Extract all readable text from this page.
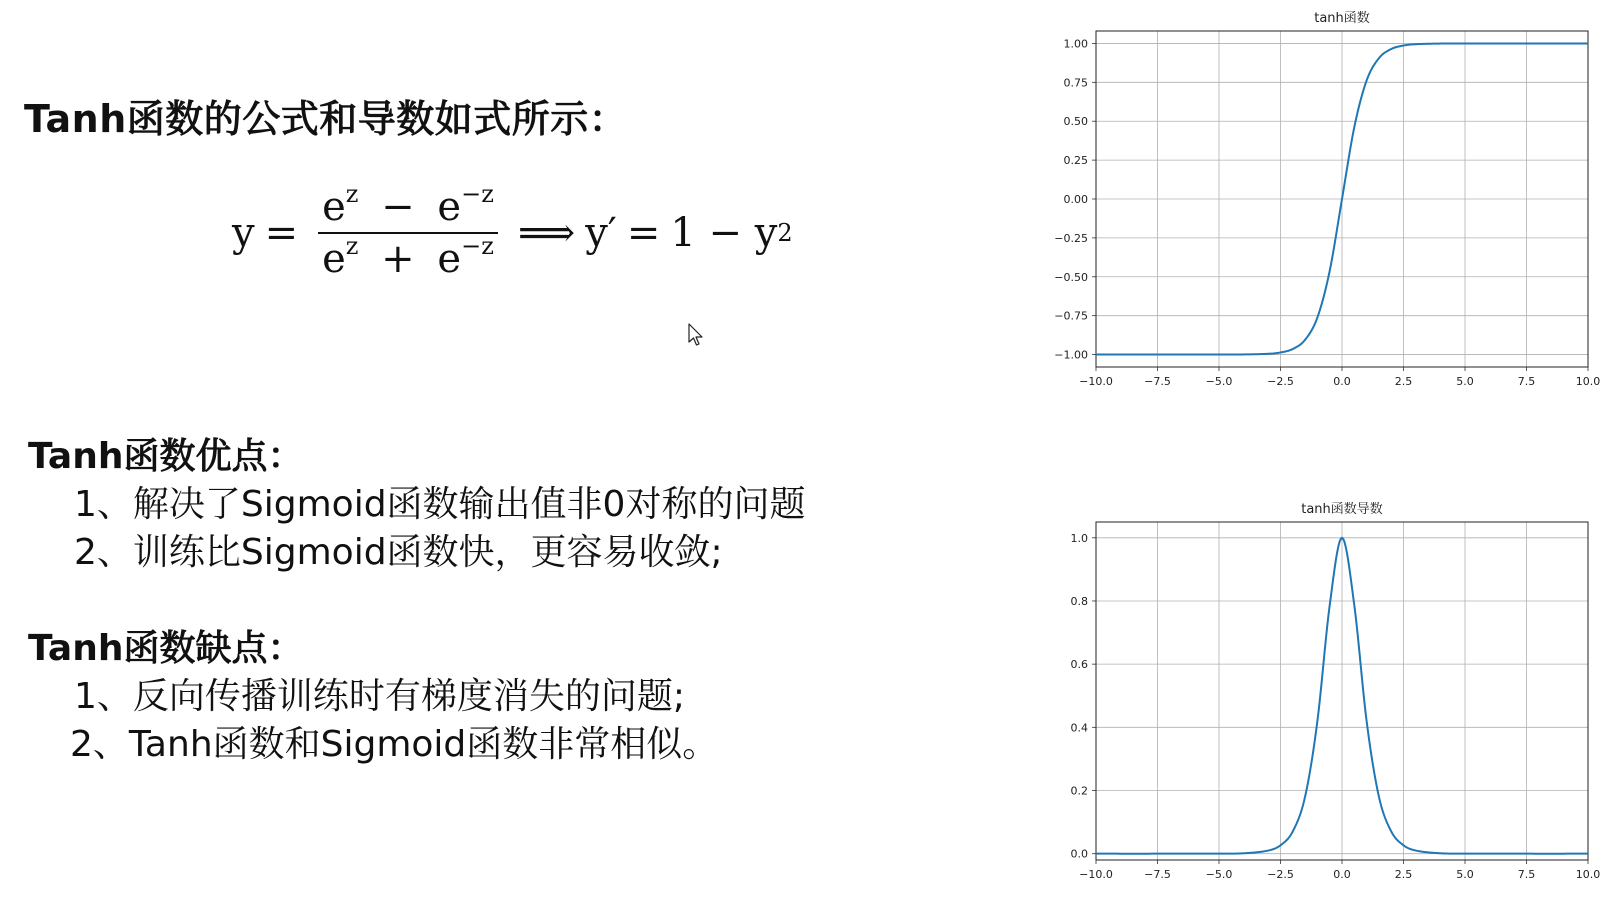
Tanh函数的公式和导数如式所示：
$y = \frac{e^z - e^{-z}}{e^z + e^{-z}}$ ⟹ y′ = 1 − y 2
Tanh函数优点：
1、解决了Sigmoid函数输出值非0对称的问题
2、训练比Sigmoid函数快，更容易收敛;
Tanh函数缺点：
1、反向传播训练时有梯度消失的问题;
2、Tanh函数和Sigmoid函数非常相似。
−10.0	−7.5	−5.0	−2.5	0.0	2.5	5.0	7.5	10.0
−1.00
−0.75
−0.50
−0.25
0.00
0.25
0.50
0.75
1.00
tanh函数
−10.0	−7.5	−5.0	−2.5	0.0	2.5	5.0	7.5	10.0
0.0
0.2
0.4
0.6
0.8
1.0
tanh函数导数
